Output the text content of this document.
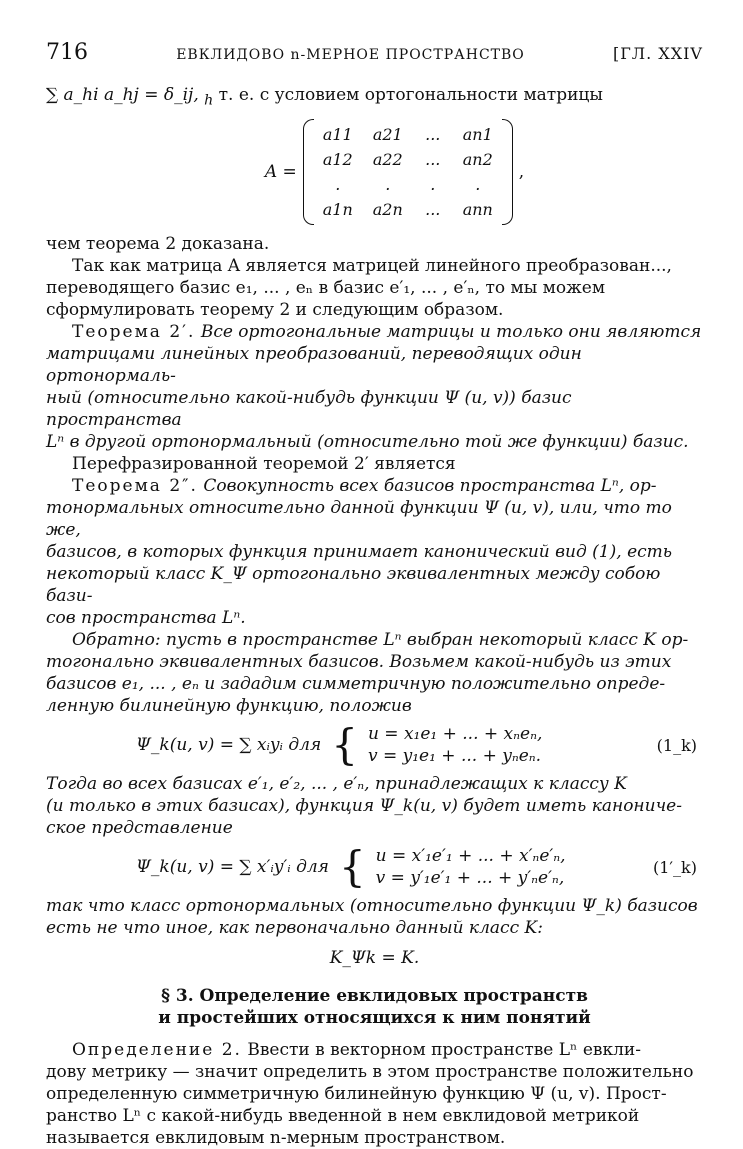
716	ЕВКЛИДОВО n-МЕРНОЕ ПРОСТРАНСТВО	[ГЛ. XXIV

∑ a_hi a_hj = δ_ij, $_h$ т. е. с условием ортогональности матрицы

A =
a11	a21	...	an1
a12	a22	...	an2
.	.	.	.
a1n	a2n	...	ann
,

чем теорема 2 доказана.

Так как матрица A является матрицей линейного преобразован...,

переводящего базис e₁, ... , eₙ в базис e′₁, ... , e′ₙ, то мы можем

сформулировать теорему 2 и следующим образом.

Теорема 2′. Все ортогональные матрицы и только они являются

матрицами линейных преобразований, переводящих один ортонормаль-

ный (относительно какой-нибудь функции Ψ (u, v)) базис пространства

Lⁿ в другой ортонормальный (относительно той же функции) базис.

Перефразированной теоремой 2′ является

Теорема 2″. Совокупность всех базисов пространства Lⁿ, ор-

тонормальных относительно данной функции Ψ (u, v), или, что то же,

базисов, в которых функция принимает канонический вид (1), есть

некоторый класс K_Ψ ортогонально эквивалентных между собою бази-

сов пространства Lⁿ.

Обратно: пусть в пространстве Lⁿ выбран некоторый класс K ор-

тогонально эквивалентных базисов. Возьмем какой-нибудь из этих

базисов e₁, ... , eₙ и зададим симметричную положительно опреде-

ленную билинейную функцию, положив

Ψ_k(u, v) = ∑ xᵢyᵢ для { u = x₁e₁ + ... + xₙeₙ,
v = y₁e₁ + ... + yₙeₙ.
(1_k)

Тогда во всех базисах e′₁, e′₂, ... , e′ₙ, принадлежащих к классу K

(и только в этих базисах), функция Ψ_k(u, v) будет иметь канониче-

ское представление

Ψ_k(u, v) = ∑ x′ᵢy′ᵢ для { u = x′₁e′₁ + ... + x′ₙe′ₙ,
v = y′₁e′₁ + ... + y′ₙe′ₙ,
(1′_k)

так что класс ортонормальных (относительно функции Ψ_k) базисов

есть не что иное, как первоначально данный класс K:

K_Ψk = K.

§ 3. Определение евклидовых пространств
и простейших относящихся к ним понятий

Определение 2. Ввести в векторном пространстве Lⁿ евкли-

дову метрику — значит определить в этом пространстве положительно

определенную симметричную билинейную функцию Ψ (u, v). Прост-

ранство Lⁿ с какой-нибудь введенной в нем евклидовой метрикой

называется евклидовым n-мерным пространством.
